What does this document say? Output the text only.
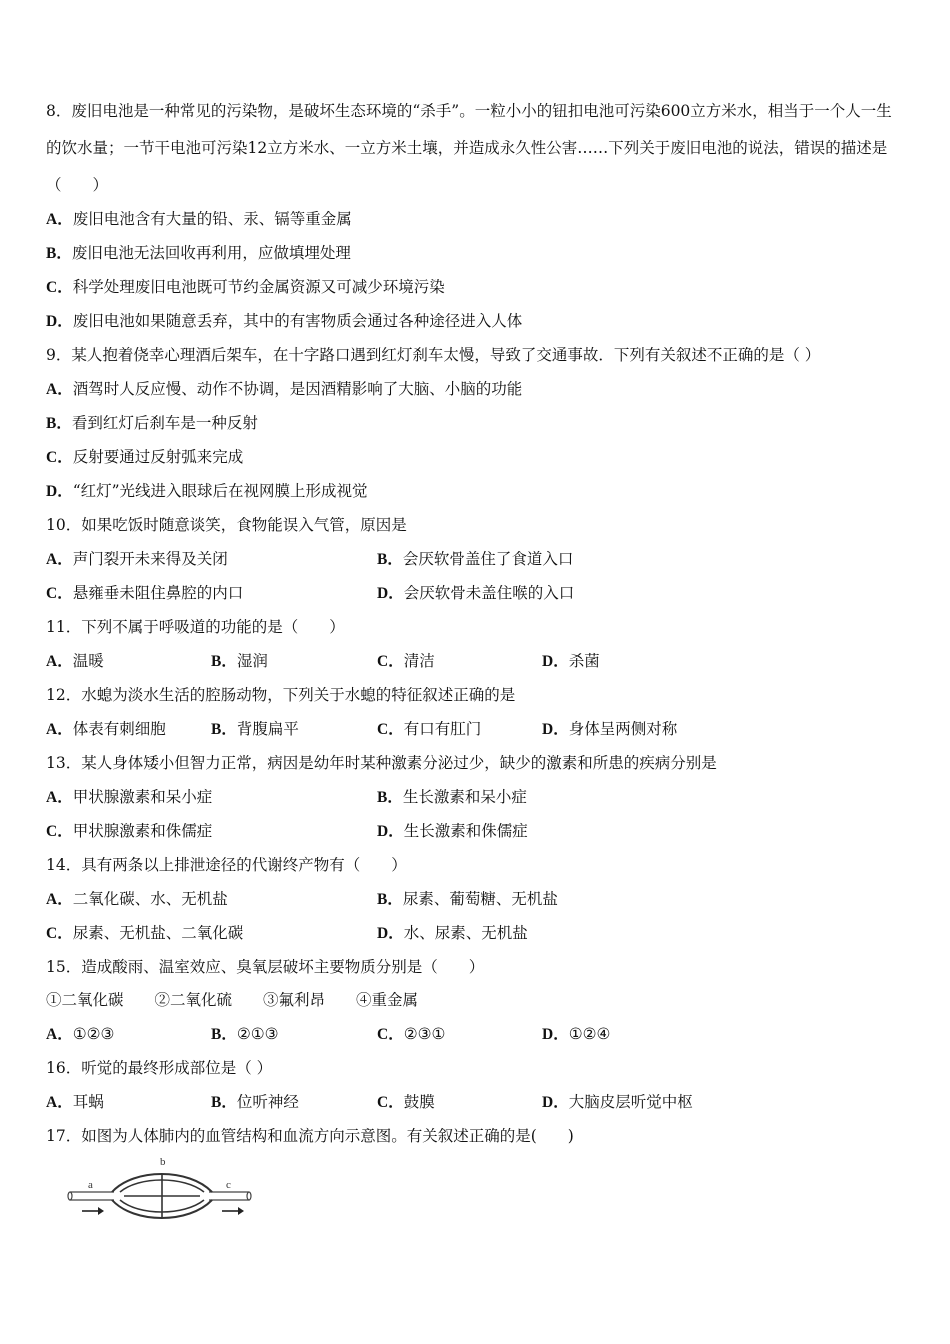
8．废旧电池是一种常见的污染物，是破坏生态环境的“杀手”。一粒小小的钮扣电池可污染600立方米水，相当于一个人一生的饮水量；一节干电池可污染12立方米水、一立方米土壤，并造成永久性公害……下列关于废旧电池的说法，错误的描述是（　　）
A．废旧电池含有大量的铅、汞、镉等重金属
B．废旧电池无法回收再利用，应做填埋处理
C．科学处理废旧电池既可节约金属资源又可减少环境污染
D．废旧电池如果随意丢弃，其中的有害物质会通过各种途径进入人体
9．某人抱着侥幸心理酒后架车，在十字路口遇到红灯刹车太慢，导致了交通事故．下列有关叙述不正确的是（ ）
A．酒驾时人反应慢、动作不协调，是因酒精影响了大脑、小脑的功能
B．看到红灯后刹车是一种反射
C．反射要通过反射弧来完成
D．“红灯”光线进入眼球后在视网膜上形成视觉
10．如果吃饭时随意谈笑，食物能误入气管，原因是
A．声门裂开未来得及关闭	B．会厌软骨盖住了食道入口
C．悬雍垂未阻住鼻腔的内口	D．会厌软骨未盖住喉的入口
11．下列不属于呼吸道的功能的是（　　）
A．温暖	B．湿润	C．清洁	D．杀菌
12．水螅为淡水生活的腔肠动物，下列关于水螅的特征叙述正确的是
A．体表有刺细胞	B．背腹扁平	C．有口有肛门	D．身体呈两侧对称
13．某人身体矮小但智力正常，病因是幼年时某种激素分泌过少，缺少的激素和所患的疾病分别是
A．甲状腺激素和呆小症	B．生长激素和呆小症
C．甲状腺激素和侏儒症	D．生长激素和侏儒症
14．具有两条以上排泄途径的代谢终产物有（　　）
A．二氧化碳、水、无机盐	B．尿素、葡萄糖、无机盐
C．尿素、无机盐、二氧化碳	D．水、尿素、无机盐
15．造成酸雨、温室效应、臭氧层破坏主要物质分别是（　　）
①二氧化碳　　②二氧化硫　　③氟利昂　　④重金属
A．①②③	B．②①③	C．②③①	D．①②④
16．听觉的最终形成部位是（ ）
A．耳蜗	B．位听神经	C．鼓膜	D．大脑皮层听觉中枢
17．如图为人体肺内的血管结构和血流方向示意图。有关叙述正确的是(　　)
a
b
c
